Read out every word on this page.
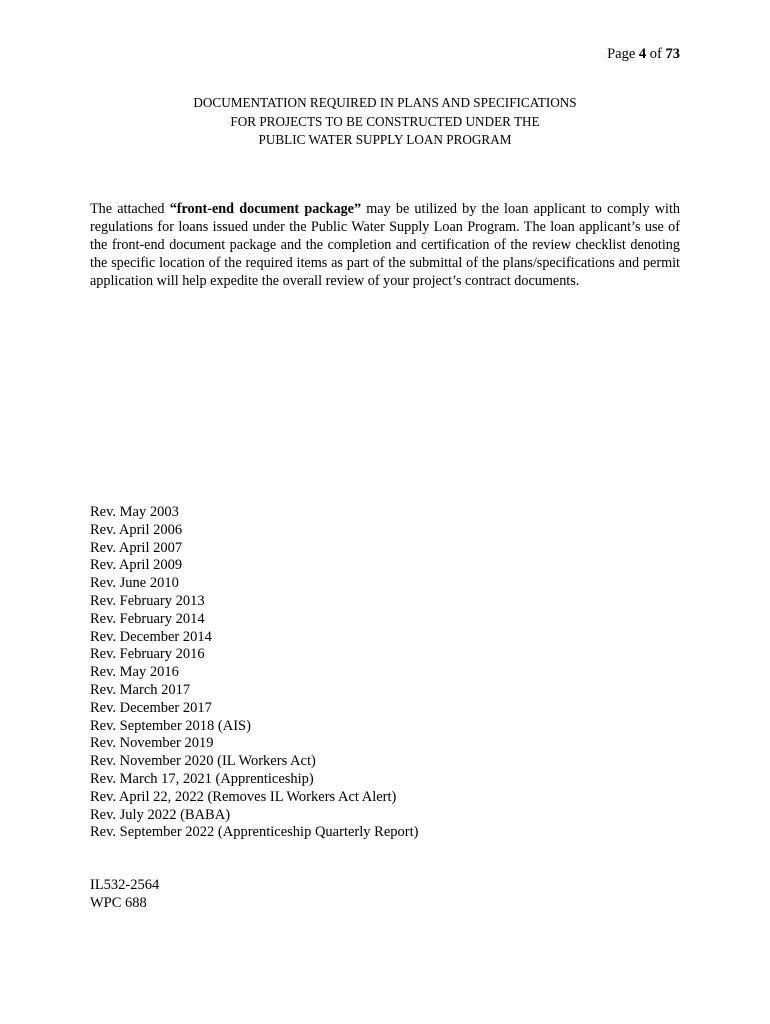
Page 4 of 73
DOCUMENTATION REQUIRED IN PLANS AND SPECIFICATIONS
FOR PROJECTS TO BE CONSTRUCTED UNDER THE
PUBLIC WATER SUPPLY LOAN PROGRAM

The attached “front-end document package” may be utilized by the loan applicant to comply with regulations for loans issued under the Public Water Supply Loan Program. The loan applicant’s use of the front-end document package and the completion and certification of the review checklist denoting the specific location of the required items as part of the submittal of the plans/specifications and permit application will help expedite the overall review of your project’s contract documents.

Rev. May 2003
Rev. April 2006
Rev. April 2007
Rev. April 2009
Rev. June 2010
Rev. February 2013
Rev. February 2014
Rev. December 2014
Rev. February 2016
Rev. May 2016
Rev. March 2017
Rev. December 2017
Rev. September 2018 (AIS)
Rev. November 2019
Rev. November 2020 (IL Workers Act)
Rev. March 17, 2021 (Apprenticeship)
Rev. April 22, 2022 (Removes IL Workers Act Alert)
Rev. July 2022 (BABA)
Rev. September 2022 (Apprenticeship Quarterly Report)
IL532-2564
WPC 688
